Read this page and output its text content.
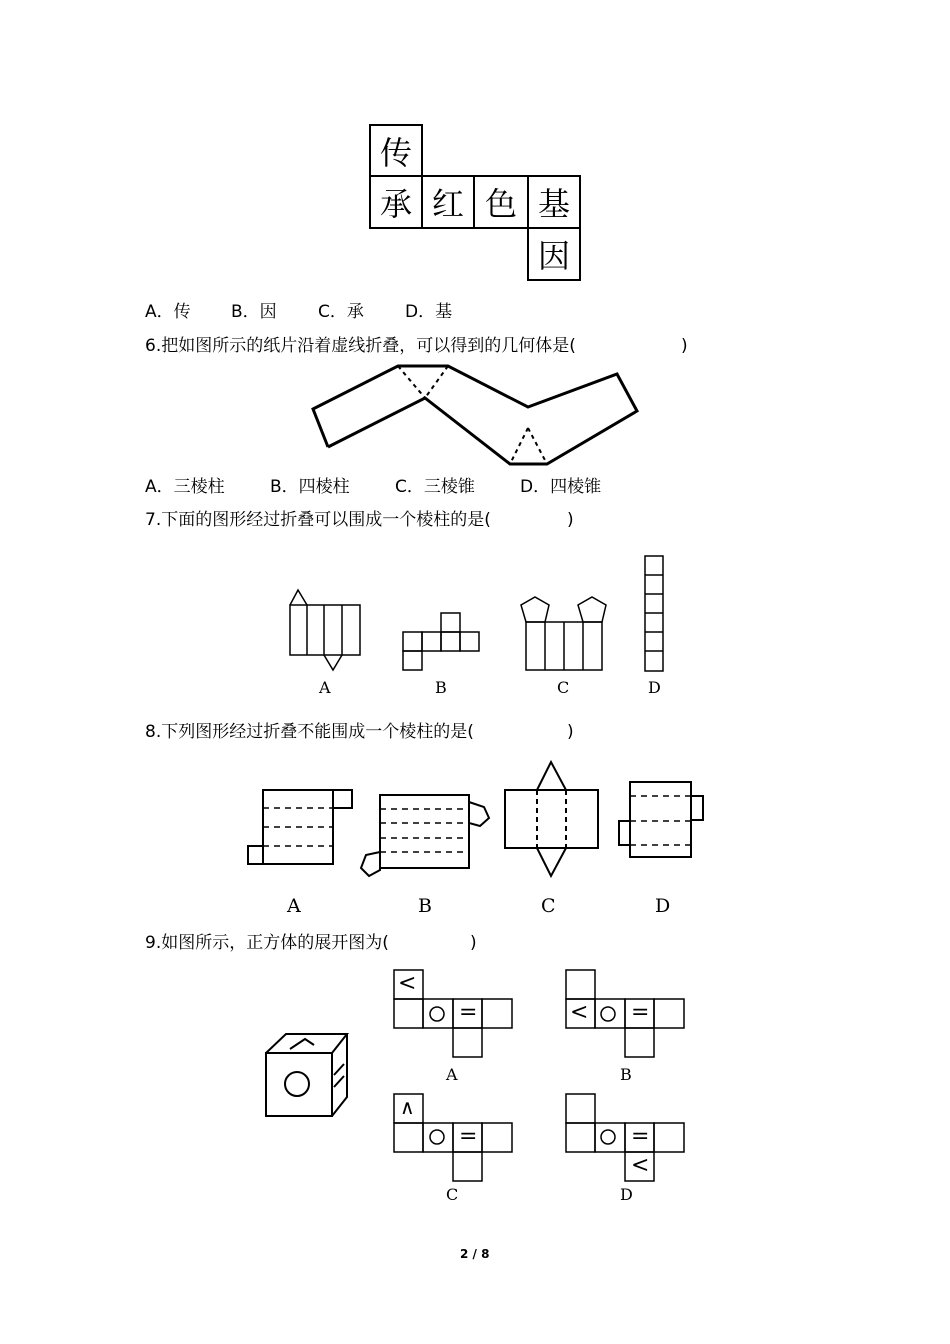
传
承 红 色 基
因
A．传 B．因 C．承 D．基
6.把如图所示的纸片沿着虚线折叠，可以得到的几何体是(	)
A．三棱柱	B．四棱柱	C．三棱锥	D．四棱锥
7.下面的图形经过折叠可以围成一个棱柱的是(	)
A	B	C	D
8.下列图形经过折叠不能围成一个棱柱的是(	)
A	B	C	D
9.如图所示，正方体的展开图为(	)
<
=	< =
∧
=	=
<
A	B
C	D
2 / 8
